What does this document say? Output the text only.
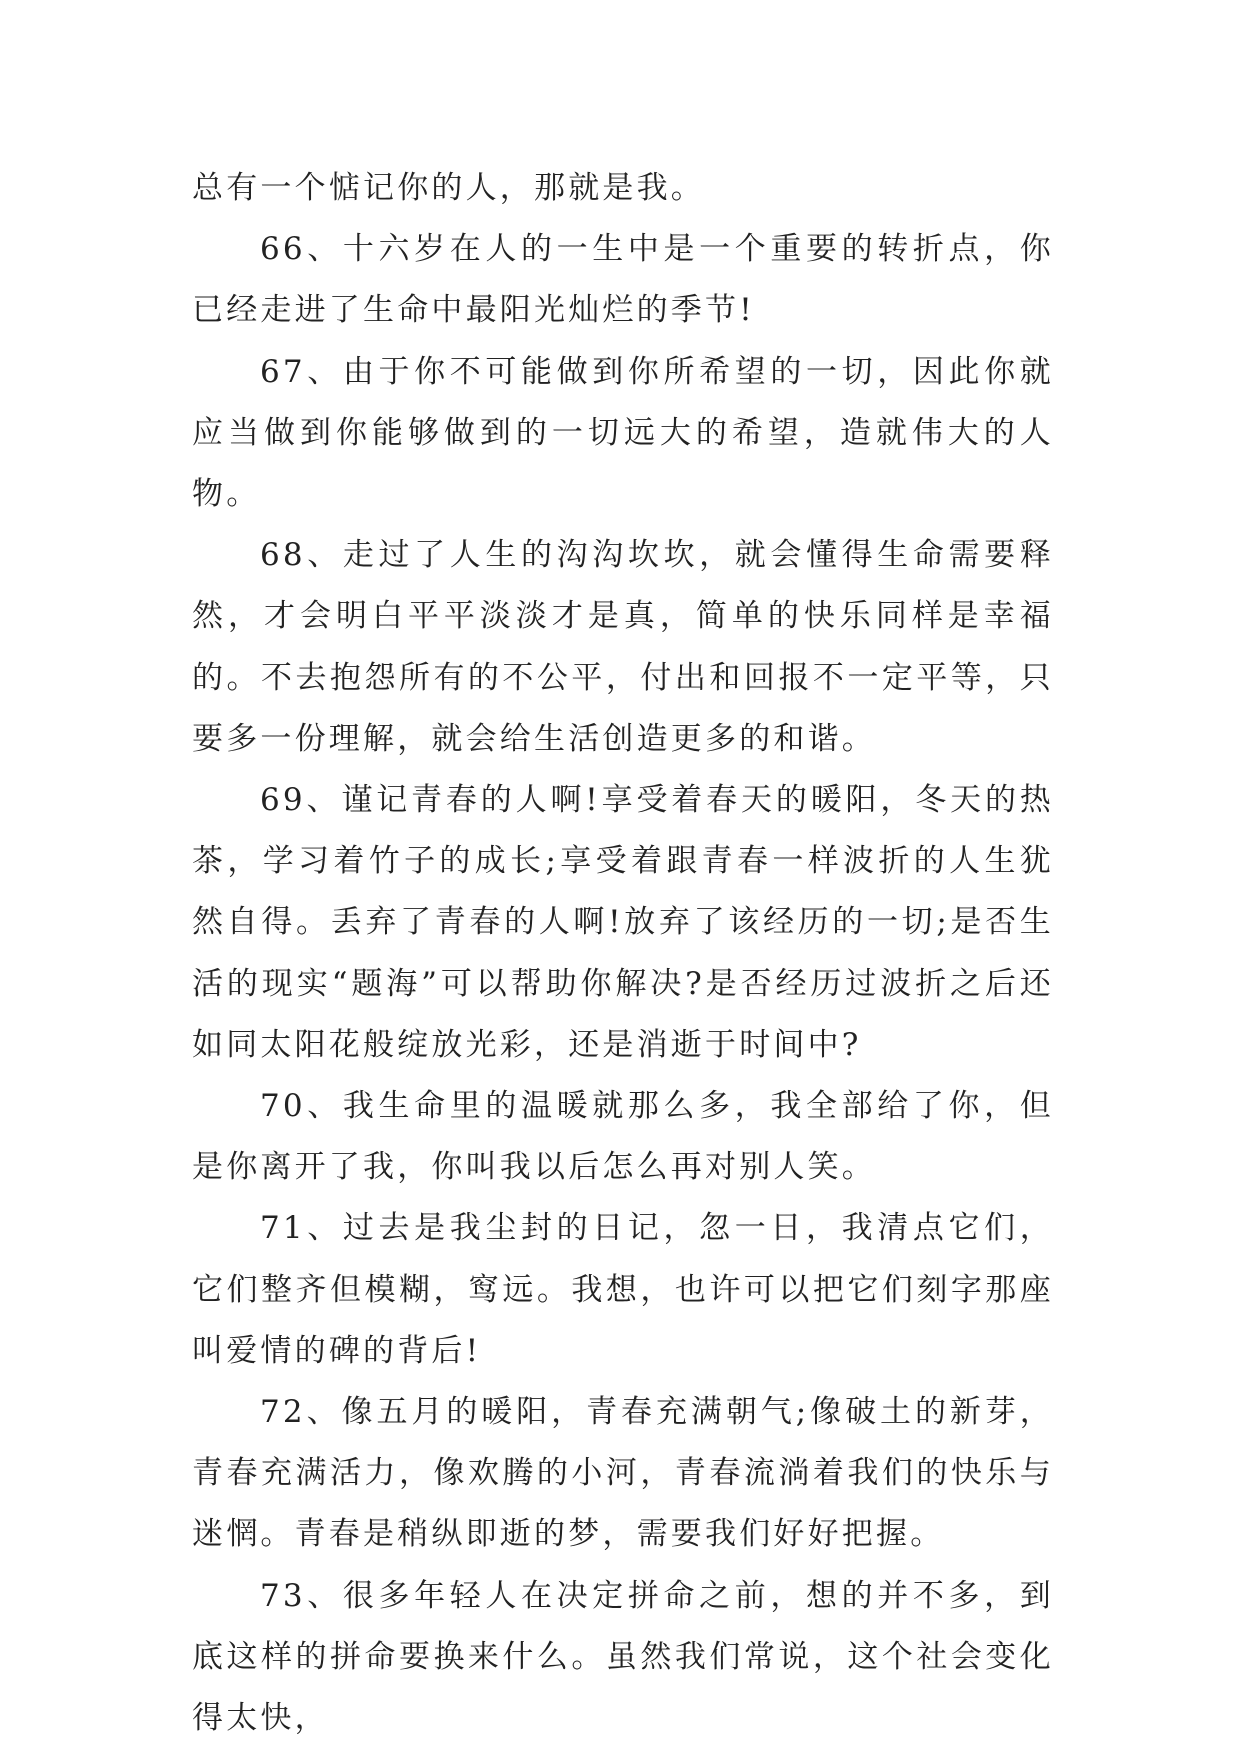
总有一个惦记你的人，那就是我。

66、十六岁在人的一生中是一个重要的转折点，你已经走进了生命中最阳光灿烂的季节!

67、由于你不可能做到你所希望的一切，因此你就应当做到你能够做到的一切远大的希望，造就伟大的人物。

68、走过了人生的沟沟坎坎，就会懂得生命需要释然，才会明白平平淡淡才是真，简单的快乐同样是幸福的。不去抱怨所有的不公平，付出和回报不一定平等，只要多一份理解，就会给生活创造更多的和谐。

69、谨记青春的人啊!享受着春天的暖阳，冬天的热茶，学习着竹子的成长;享受着跟青春一样波折的人生犹然自得。丢弃了青春的人啊!放弃了该经历的一切;是否生活的现实“题海”可以帮助你解决?是否经历过波折之后还如同太阳花般绽放光彩，还是消逝于时间中?

70、我生命里的温暖就那么多，我全部给了你，但是你离开了我，你叫我以后怎么再对别人笑。

71、过去是我尘封的日记，忽一日，我清点它们，它们整齐但模糊，窎远。我想，也许可以把它们刻字那座叫爱情的碑的背后!

72、像五月的暖阳，青春充满朝气;像破土的新芽，青春充满活力，像欢腾的小河，青春流淌着我们的快乐与迷惘。青春是稍纵即逝的梦，需要我们好好把握。

73、很多年轻人在决定拼命之前，想的并不多，到底这样的拼命要换来什么。虽然我们常说，这个社会变化得太快，
